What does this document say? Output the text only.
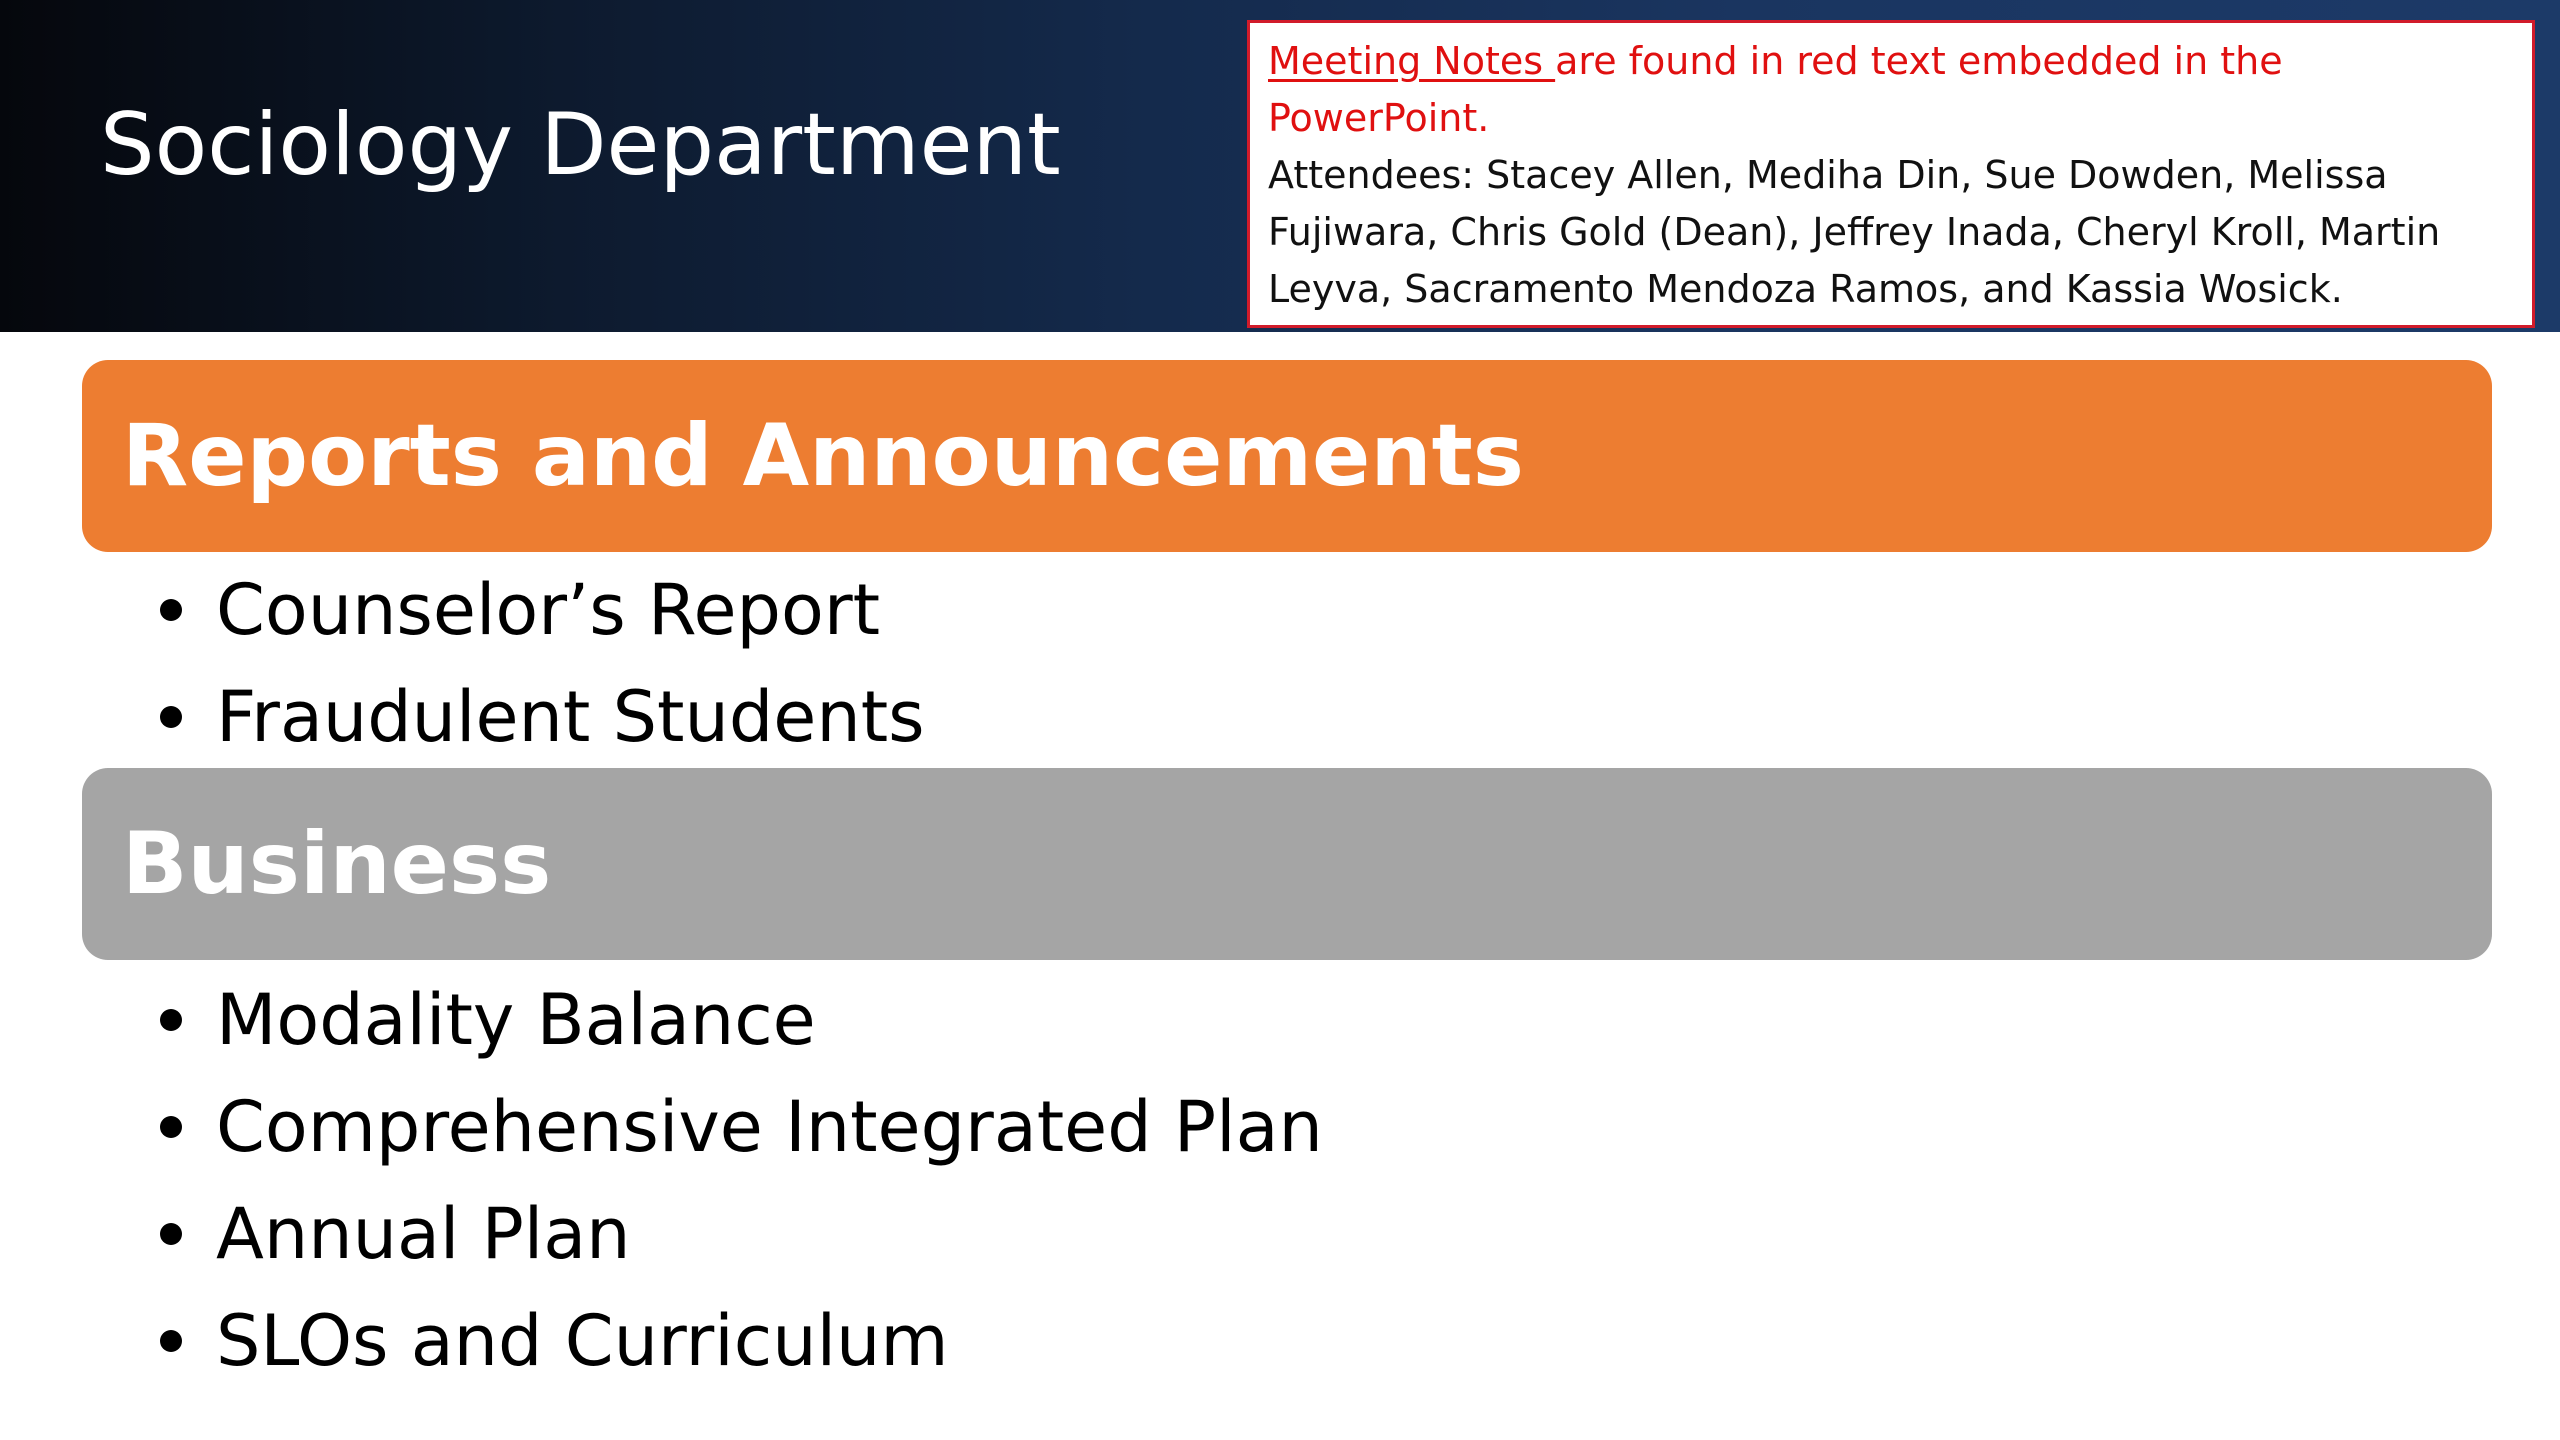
Sociology Department
Meeting Notes are found in red text embedded in the PowerPoint.
Attendees: Stacey Allen, Mediha Din, Sue Dowden, Melissa Fujiwara, Chris Gold (Dean), Jeffrey Inada, Cheryl Kroll, Martin Leyva, Sacramento Mendoza Ramos, and Kassia Wosick.
Reports and Announcements
Counselor’s Report
Fraudulent Students
Business
Modality Balance
Comprehensive Integrated Plan
Annual Plan
SLOs and Curriculum
